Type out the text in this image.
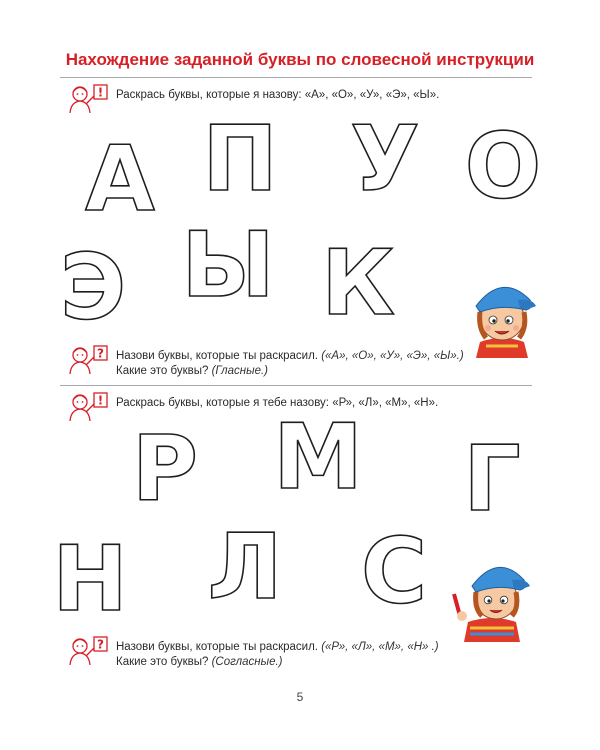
Нахождение заданной буквы по словесной инструкции
! Раскрась буквы, которые я назову: «А», «О», «У», «Э», «Ы».
А П У О
Э Ы К
? Назови буквы, которые ты раскрасил. («А», «О», «У», «Э», «Ы».)
Какие это буквы? (Гласные.)
! Раскрась буквы, которые я тебе назову: «Р», «Л», «М», «Н».
Р М Г
Н Л С
? Назови буквы, которые ты раскрасил. («Р», «Л», «М», «Н» .)
Какие это буквы? (Согласные.)
5
